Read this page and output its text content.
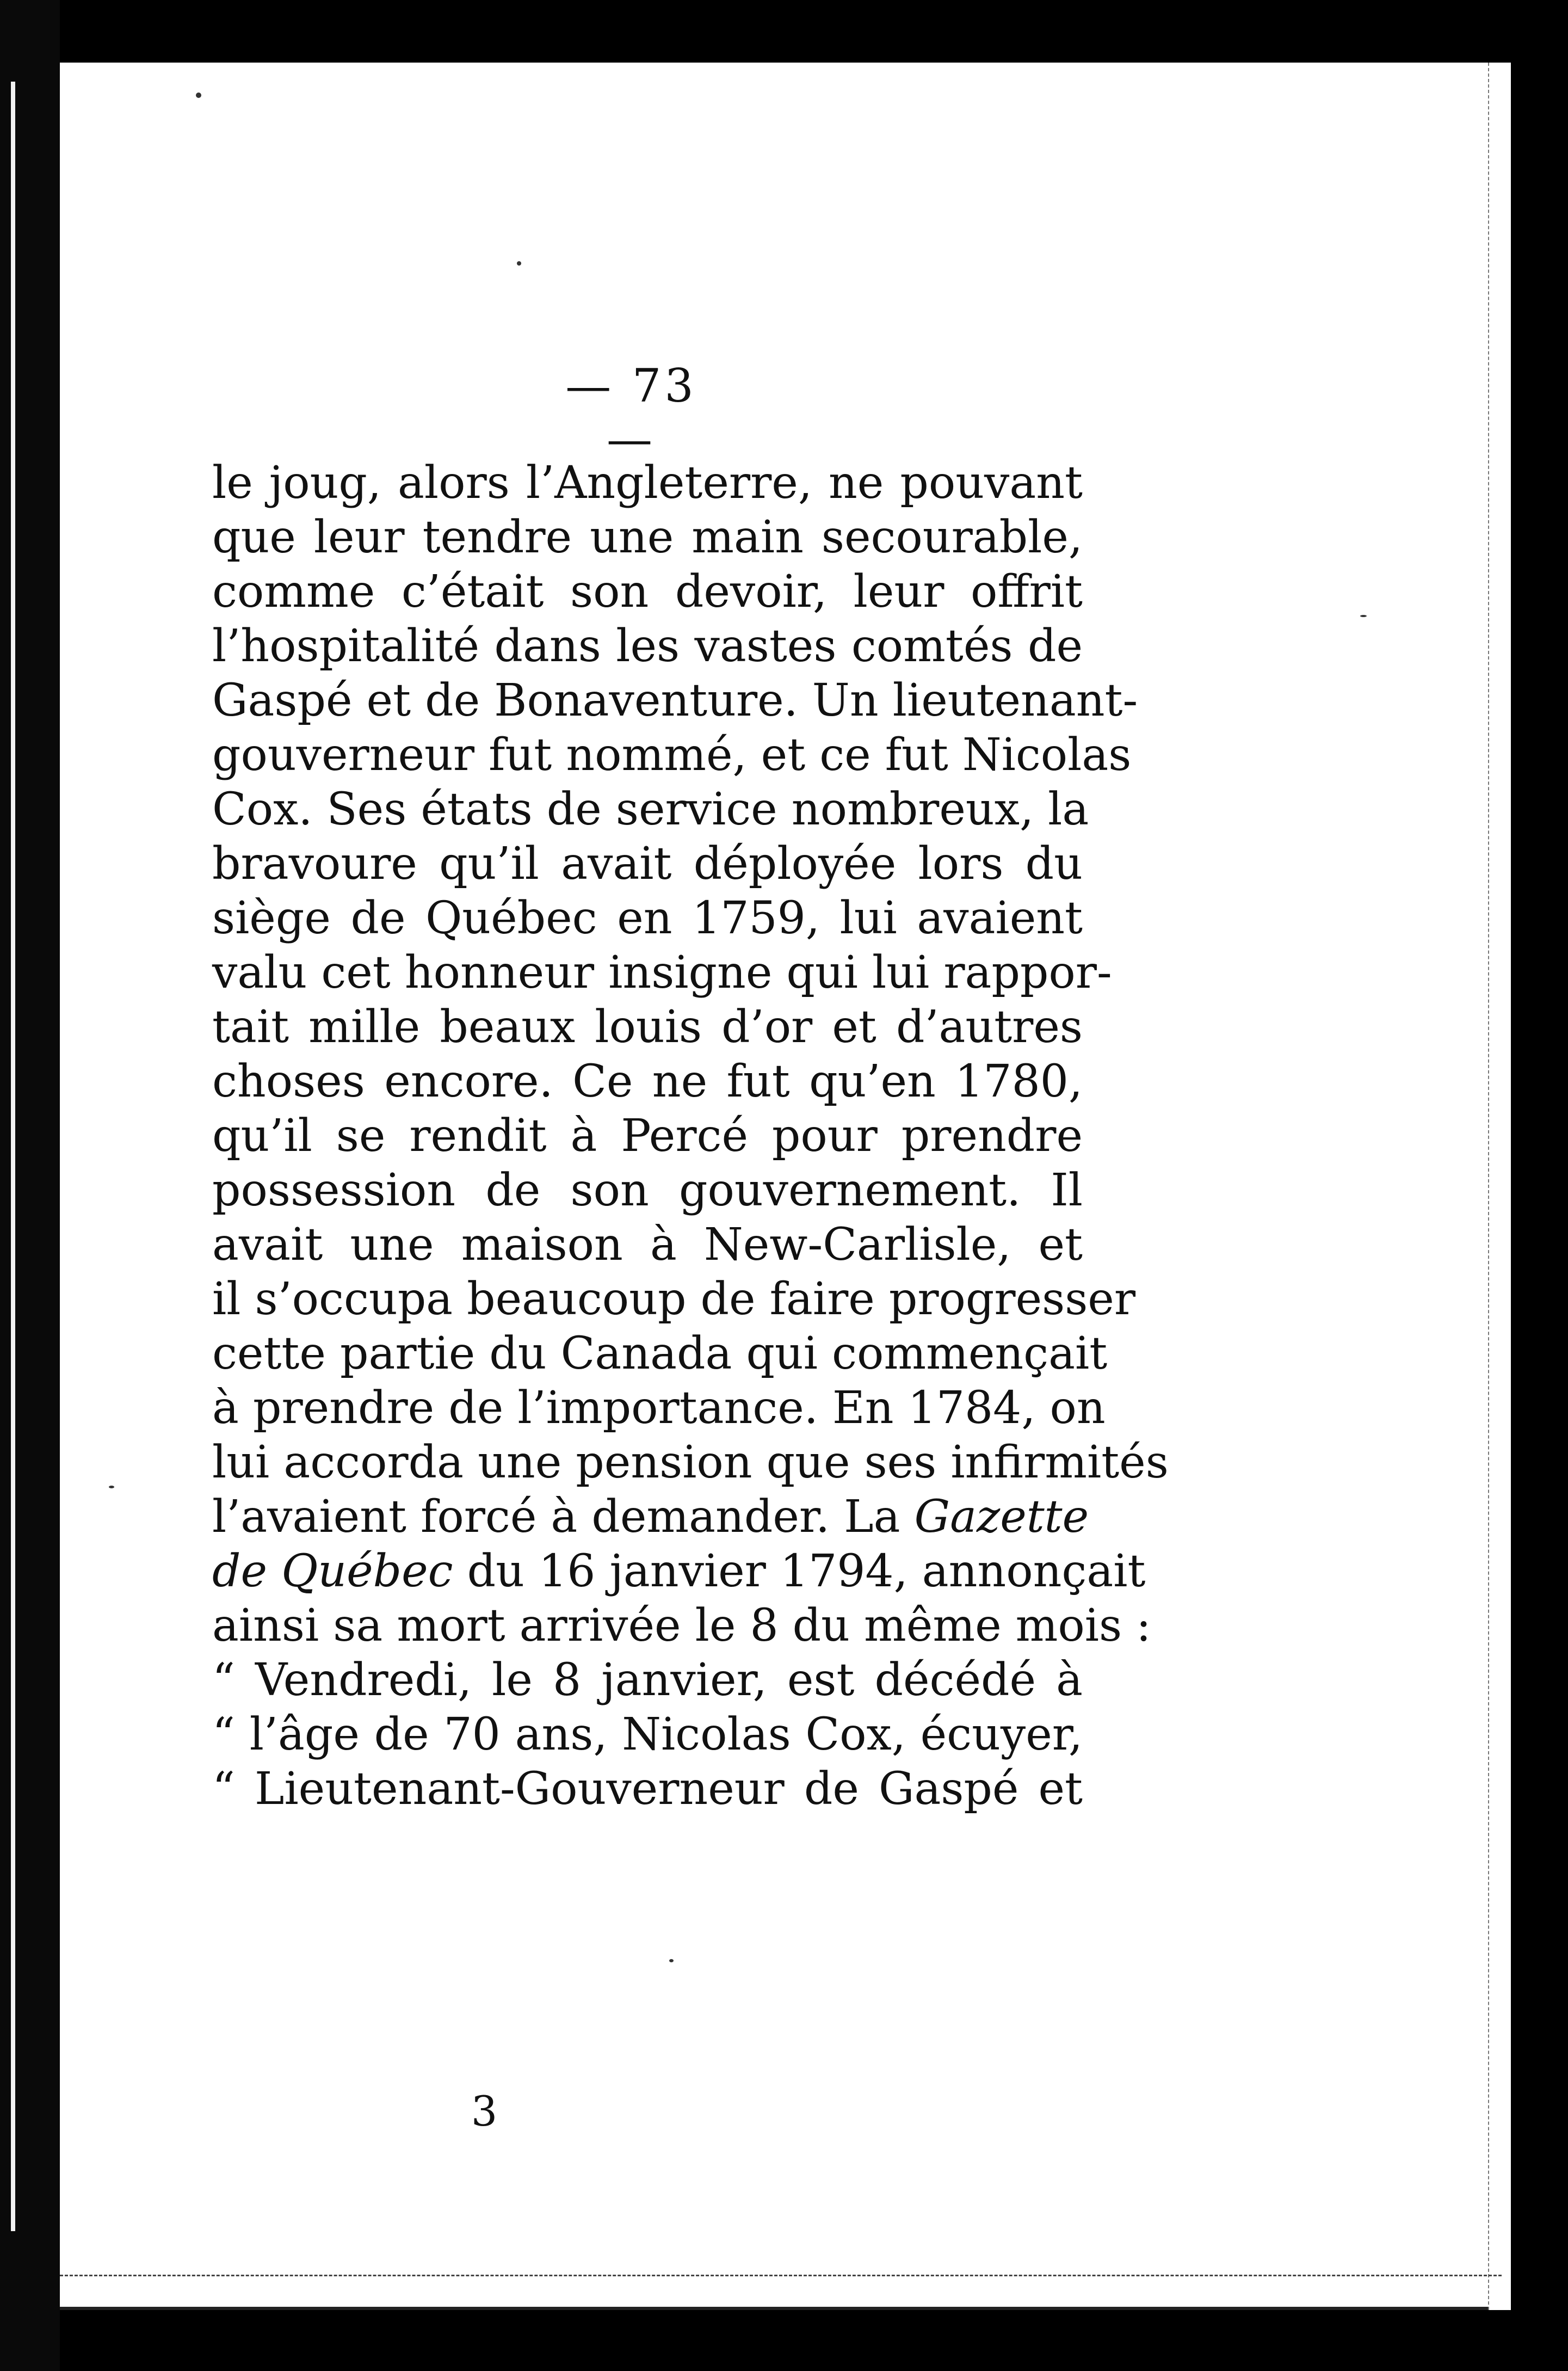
— 73 —
le joug, alors l’Angleterre, ne pouvant
que leur tendre une main secourable,
comme c’était son devoir, leur offrit
l’hospitalité dans les vastes comtés de
Gaspé et de Bonaventure. Un lieutenant-
gouverneur fut nommé, et ce fut Nicolas
Cox. Ses états de service nombreux, la
bravoure qu’il avait déployée lors du
siège de Québec en 1759, lui avaient
valu cet honneur insigne qui lui rappor-
tait mille beaux louis d’or et d’autres
choses encore. Ce ne fut qu’en 1780,
qu’il se rendit à Percé pour prendre
possession de son gouvernement. Il
avait une maison à New-Carlisle, et
il s’occupa beaucoup de faire progresser
cette partie du Canada qui commençait
à prendre de l’importance. En 1784, on
lui accorda une pension que ses infirmités
l’avaient forcé à demander. La Gazette
de Québec du 16 janvier 1794, annonçait
ainsi sa mort arrivée le 8 du même mois :
“ Vendredi, le 8 janvier, est décédé à
“ l’âge de 70 ans, Nicolas Cox, écuyer,
“ Lieutenant-Gouverneur de Gaspé et
3
